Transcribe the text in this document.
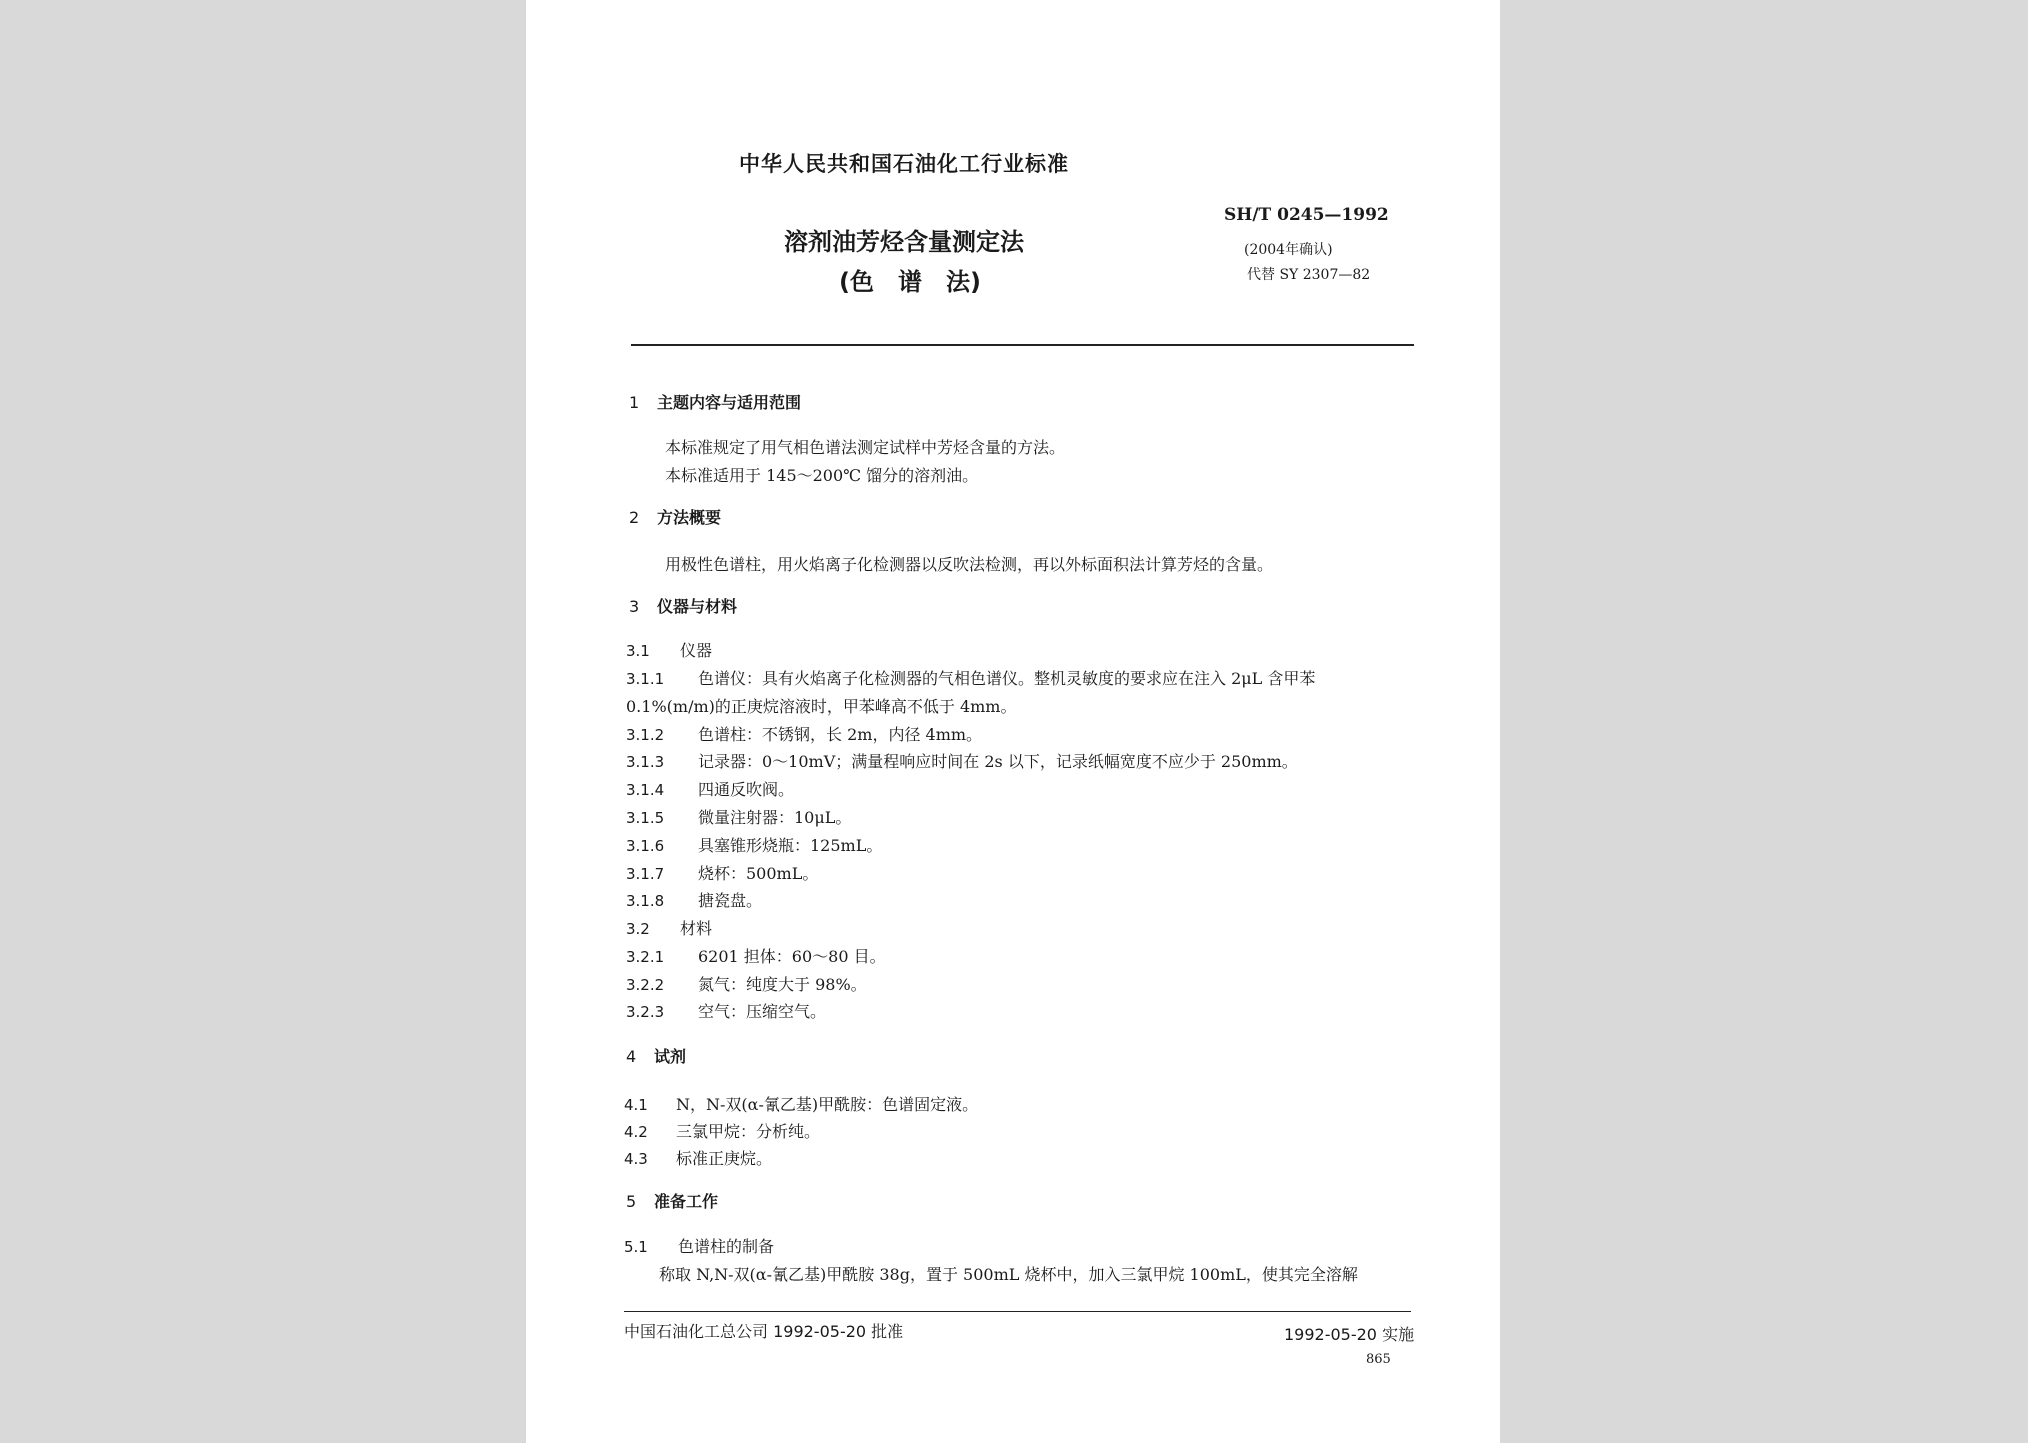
中华人民共和国石油化工行业标准
溶剂油芳烃含量测定法
(色　谱　法)
SH/T 0245—1992
(2004年确认)
代替 SY 2307—82
1 主题内容与适用范围
本标准规定了用气相色谱法测定试样中芳烃含量的方法。
本标准适用于 145～200℃ 馏分的溶剂油。
2 方法概要
用极性色谱柱，用火焰离子化检测器以反吹法检测，再以外标面积法计算芳烃的含量。
3 仪器与材料
3.1 仪器
3.1.1 色谱仪：具有火焰离子化检测器的气相色谱仪。整机灵敏度的要求应在注入 2μL 含甲苯
0.1%(m/m)的正庚烷溶液时，甲苯峰高不低于 4mm。
3.1.2 色谱柱：不锈钢，长 2m，内径 4mm。
3.1.3 记录器：0～10mV；满量程响应时间在 2s 以下，记录纸幅宽度不应少于 250mm。
3.1.4 四通反吹阀。
3.1.5 微量注射器：10μL。
3.1.6 具塞锥形烧瓶：125mL。
3.1.7 烧杯：500mL。
3.1.8 搪瓷盘。
3.2 材料
3.2.1 6201 担体：60～80 目。
3.2.2 氮气：纯度大于 98%。
3.2.3 空气：压缩空气。
4 试剂
4.1 N，N-双(α-氰乙基)甲酰胺：色谱固定液。
4.2 三氯甲烷：分析纯。
4.3 标准正庚烷。
5 准备工作
5.1 色谱柱的制备
称取 N,N-双(α-氰乙基)甲酰胺 38g，置于 500mL 烧杯中，加入三氯甲烷 100mL，使其完全溶解
中国石油化工总公司 1992-05-20 批准	1992-05-20 实施
865
